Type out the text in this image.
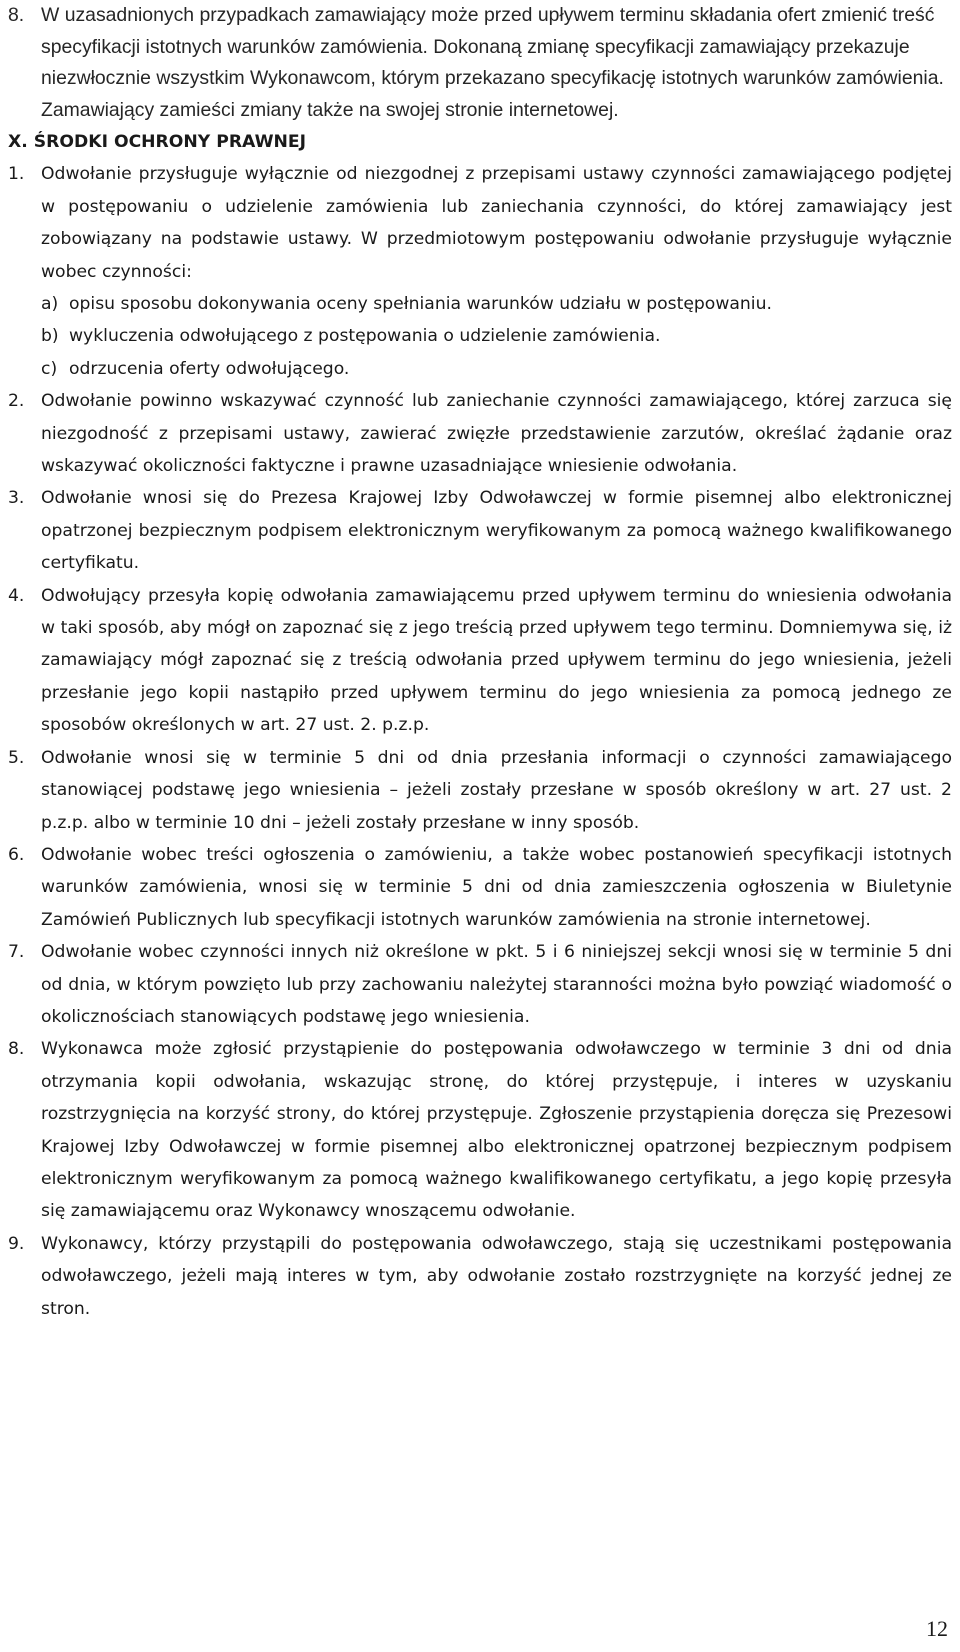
8. W uzasadnionych przypadkach zamawiający może przed upływem terminu składania ofert zmienić treść specyfikacji istotnych warunków zamówienia. Dokonaną zmianę specyfikacji zamawiający przekazuje niezwłocznie wszystkim Wykonawcom, którym przekazano specyfikację istotnych warunków zamówienia. Zamawiający zamieści zmiany także na swojej stronie internetowej.
X. ŚRODKI OCHRONY PRAWNEJ
1. Odwołanie przysługuje wyłącznie od niezgodnej z przepisami ustawy czynności zamawiającego podjętej w postępowaniu o udzielenie zamówienia lub zaniechania czynności, do której zamawiający jest zobowiązany na podstawie ustawy. W przedmiotowym postępowaniu odwołanie przysługuje wyłącznie wobec czynności:
a) opisu sposobu dokonywania oceny spełniania warunków udziału w postępowaniu.
b) wykluczenia odwołującego z postępowania o udzielenie zamówienia.
c) odrzucenia oferty odwołującego.
2. Odwołanie powinno wskazywać czynność lub zaniechanie czynności zamawiającego, której zarzuca się niezgodność z przepisami ustawy, zawierać zwięzłe przedstawienie zarzutów, określać żądanie oraz wskazywać okoliczności faktyczne i prawne uzasadniające wniesienie odwołania.
3. Odwołanie wnosi się do Prezesa Krajowej Izby Odwoławczej w formie pisemnej albo elektronicznej opatrzonej bezpiecznym podpisem elektronicznym weryfikowanym za pomocą ważnego kwalifikowanego certyfikatu.
4. Odwołujący przesyła kopię odwołania zamawiającemu przed upływem terminu do wniesienia odwołania w taki sposób, aby mógł on zapoznać się z jego treścią przed upływem tego terminu. Domniemywa się, iż zamawiający mógł zapoznać się z treścią odwołania przed upływem terminu do jego wniesienia, jeżeli przesłanie jego kopii nastąpiło przed upływem terminu do jego wniesienia za pomocą jednego ze sposobów określonych w art. 27 ust. 2. p.z.p.
5. Odwołanie wnosi się w terminie 5 dni od dnia przesłania informacji o czynności zamawiającego stanowiącej podstawę jego wniesienia – jeżeli zostały przesłane w sposób określony w art. 27 ust. 2 p.z.p. albo w terminie 10 dni – jeżeli zostały przesłane w inny sposób.
6. Odwołanie wobec treści ogłoszenia o zamówieniu, a także wobec postanowień specyfikacji istotnych warunków zamówienia, wnosi się w terminie 5 dni od dnia zamieszczenia ogłoszenia w Biuletynie Zamówień Publicznych lub specyfikacji istotnych warunków zamówienia na stronie internetowej.
7. Odwołanie wobec czynności innych niż określone w pkt. 5 i 6 niniejszej sekcji wnosi się w terminie 5 dni od dnia, w którym powzięto lub przy zachowaniu należytej staranności można było powziąć wiadomość o okolicznościach stanowiących podstawę jego wniesienia.
8. Wykonawca może zgłosić przystąpienie do postępowania odwoławczego w terminie 3 dni od dnia otrzymania kopii odwołania, wskazując stronę, do której przystępuje, i interes w uzyskaniu rozstrzygnięcia na korzyść strony, do której przystępuje. Zgłoszenie przystąpienia doręcza się Prezesowi Krajowej Izby Odwoławczej w formie pisemnej albo elektronicznej opatrzonej bezpiecznym podpisem elektronicznym weryfikowanym za pomocą ważnego kwalifikowanego certyfikatu, a jego kopię przesyła się zamawiającemu oraz Wykonawcy wnoszącemu odwołanie.
9. Wykonawcy, którzy przystąpili do postępowania odwoławczego, stają się uczestnikami postępowania odwoławczego, jeżeli mają interes w tym, aby odwołanie zostało rozstrzygnięte na korzyść jednej ze stron.
12
